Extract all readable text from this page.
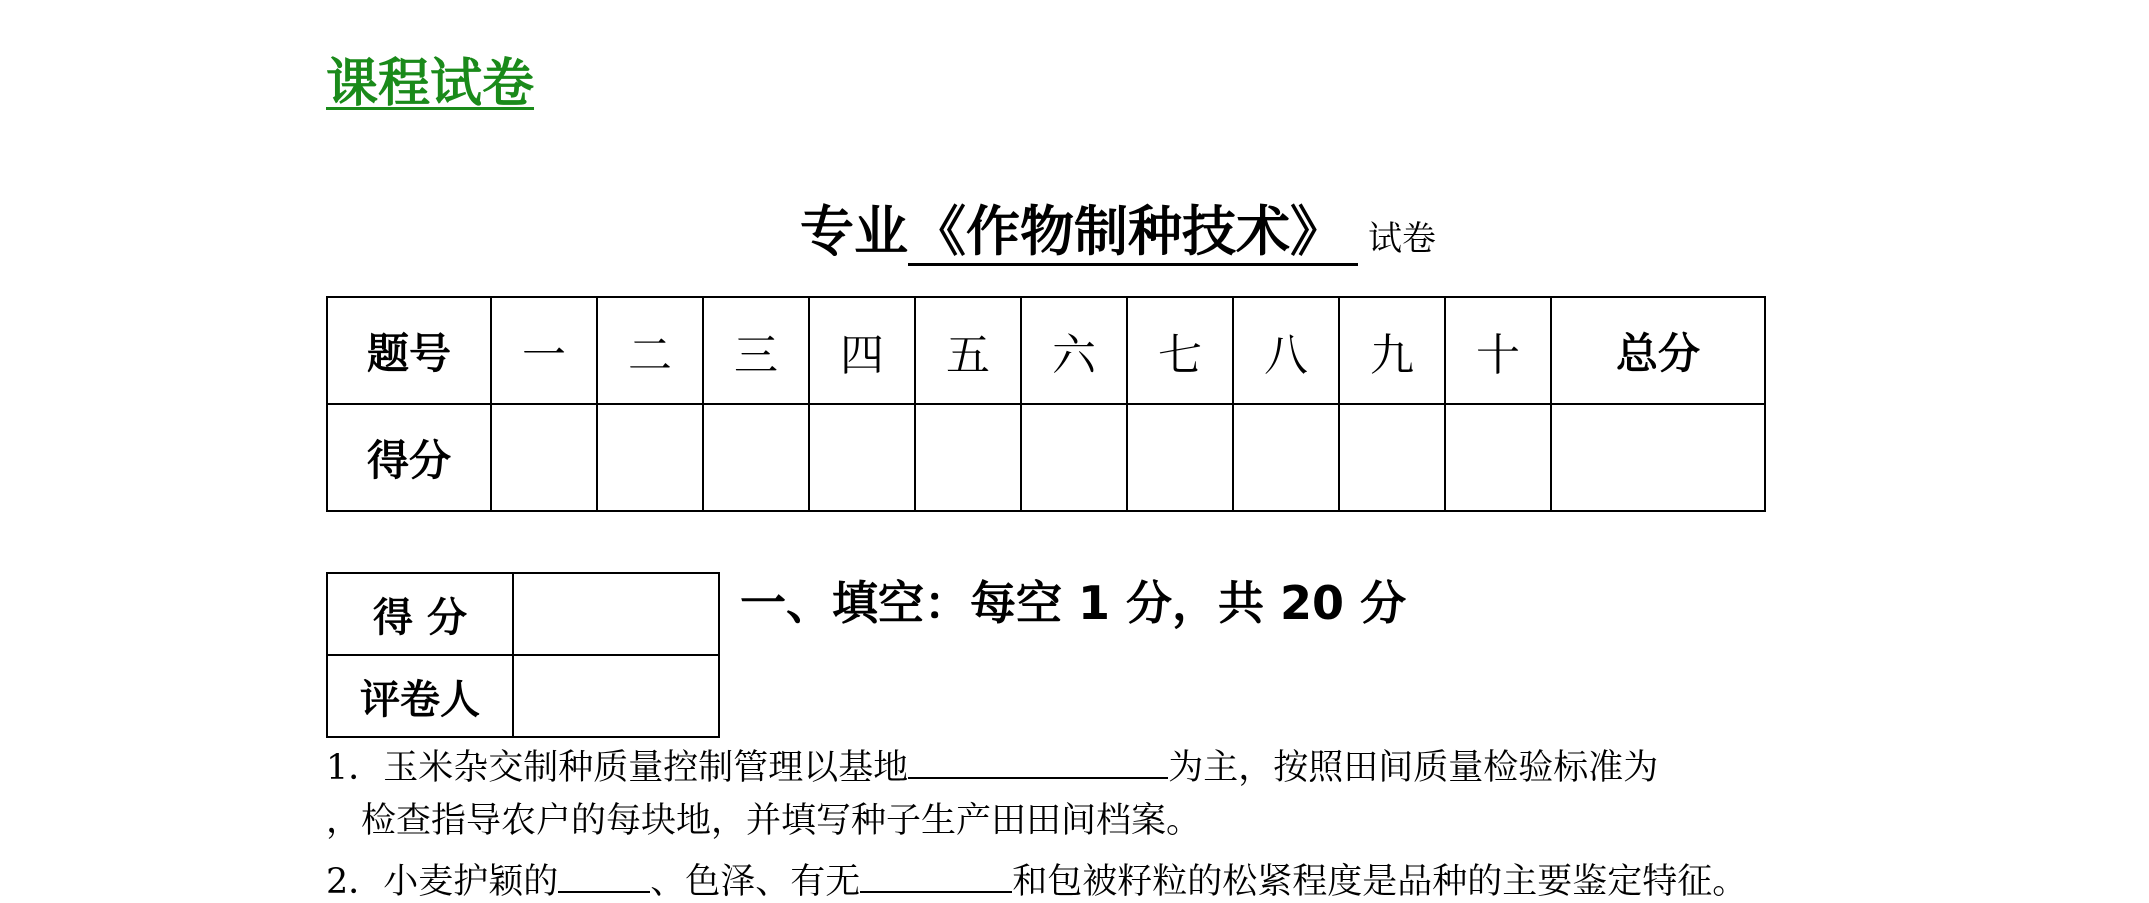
课程试卷
专业《作物制种技术》 试卷
题号	一	二	三	四	五	六	七	八	九	十	总分
得分											
得 分	
评卷人	
一、填空：每空 1 分，共 20 分
1．玉米杂交制种质量控制管理以基地	为主，按照田间质量检验标准为
，检查指导农户的每块地，并填写种子生产田田间档案。
2．小麦护颖的	、色泽、有无	和包被籽粒的松紧程度是品种的主要鉴定特征。
